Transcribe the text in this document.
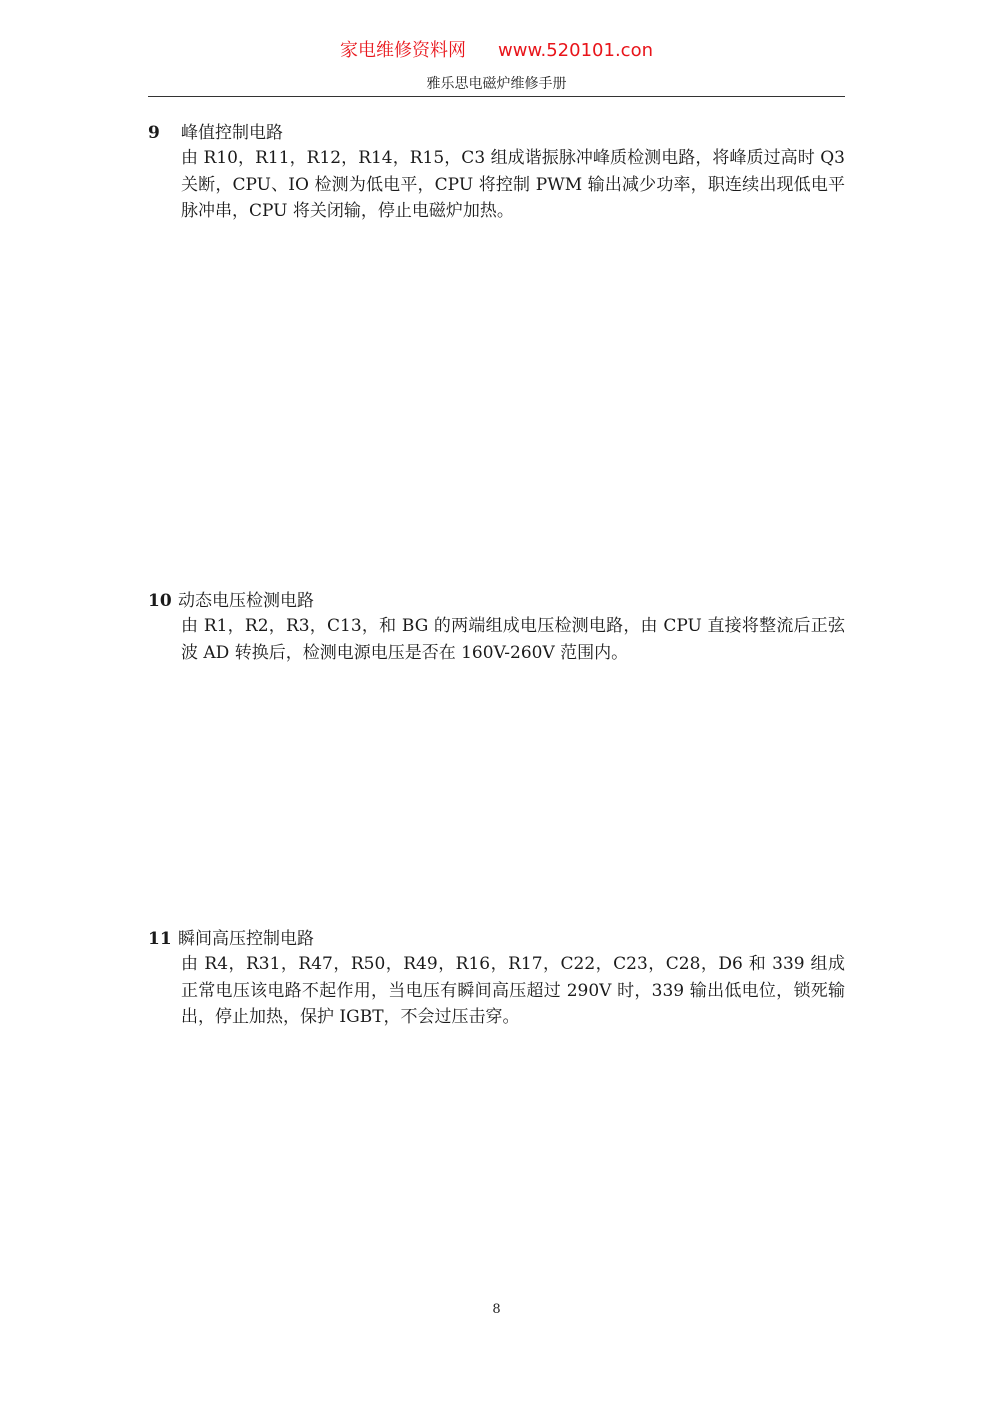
家电维修资料网 www.520101.con
雅乐思电磁炉维修手册
9 峰值控制电路
由 R10，R11，R12，R14，R15，C3 组成谐振脉冲峰质检测电路，将峰质过高时 Q3 关断，CPU、IO 检测为低电平，CPU 将控制 PWM 输出减少功率，职连续出现低电平脉冲串，CPU 将关闭输，停止电磁炉加热。
10 动态电压检测电路
由 R1，R2，R3，C13，和 BG 的两端组成电压检测电路，由 CPU 直接将整流后正弦波 AD 转换后，检测电源电压是否在 160V-260V 范围内。
11 瞬间高压控制电路
由 R4，R31，R47，R50，R49，R16，R17，C22，C23，C28，D6 和 339 组成正常电压该电路不起作用，当电压有瞬间高压超过 290V 时，339 输出低电位，锁死输出，停止加热，保护 IGBT，不会过压击穿。
8
